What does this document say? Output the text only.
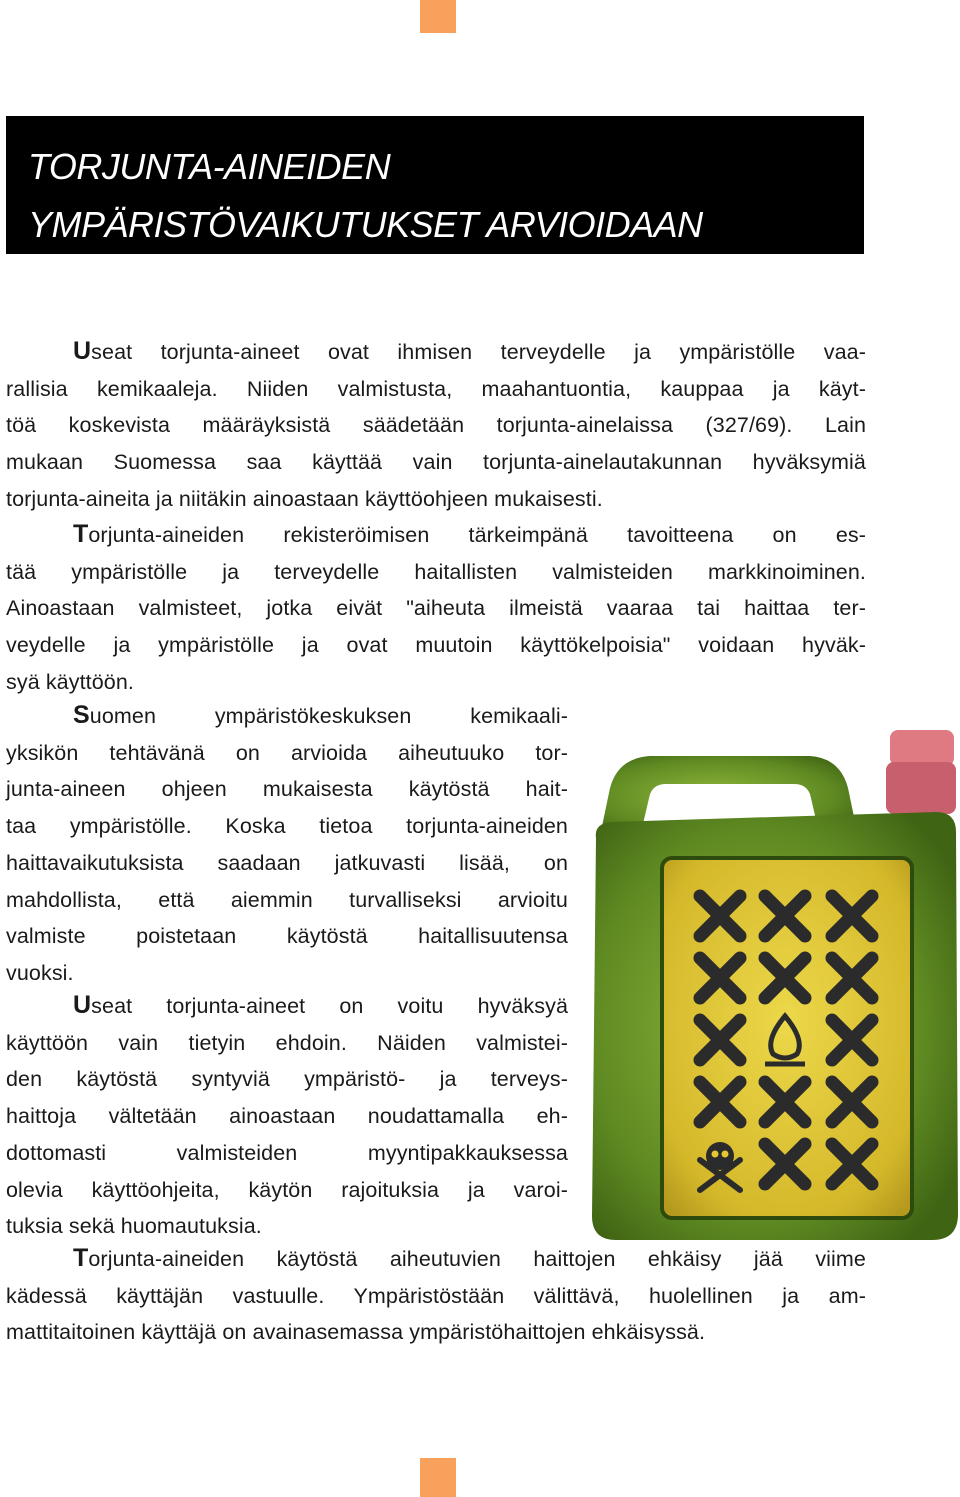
TORJUNTA-AINEIDEN
YMPÄRISTÖVAIKUTUKSET ARVIOIDAAN
Useat torjunta-aineet ovat ihmisen terveydelle ja ympäristölle vaa-
rallisia kemikaaleja. Niiden valmistusta, maahantuontia, kauppaa ja käyt-
töä koskevista määräyksistä säädetään torjunta-ainelaissa (327/69). Lain
mukaan Suomessa saa käyttää vain torjunta-ainelautakunnan hyväksymiä
torjunta-aineita ja niitäkin ainoastaan käyttöohjeen mukaisesti.
Torjunta-aineiden rekisteröimisen tärkeimpänä tavoitteena on es-
tää ympäristölle ja terveydelle haitallisten valmisteiden markkinoiminen.
Ainoastaan valmisteet, jotka eivät "aiheuta ilmeistä vaaraa tai haittaa ter-
veydelle ja ympäristölle ja ovat muutoin käyttökelpoisia" voidaan hyväk-
syä käyttöön.
Suomen ympäristökeskuksen kemikaali-
yksikön tehtävänä on arvioida aiheutuuko tor-
junta-aineen ohjeen mukaisesta käytöstä hait-
taa ympäristölle. Koska tietoa torjunta-aineiden
haittavaikutuksista saadaan jatkuvasti lisää, on
mahdollista, että aiemmin turvalliseksi arvioitu
valmiste poistetaan käytöstä haitallisuutensa
vuoksi.
Useat torjunta-aineet on voitu hyväksyä
käyttöön vain tietyin ehdoin. Näiden valmistei-
den käytöstä syntyviä ympäristö- ja terveys-
haittoja vältetään ainoastaan noudattamalla eh-
dottomasti valmisteiden myyntipakkauksessa
olevia käyttöohjeita, käytön rajoituksia ja varoi-
tuksia sekä huomautuksia.
Torjunta-aineiden käytöstä aiheutuvien haittojen ehkäisy jää viime
kädessä käyttäjän vastuulle. Ympäristöstään välittävä, huolellinen ja am-
mattitaitoinen käyttäjä on avainasemassa ympäristöhaittojen ehkäisyssä.
